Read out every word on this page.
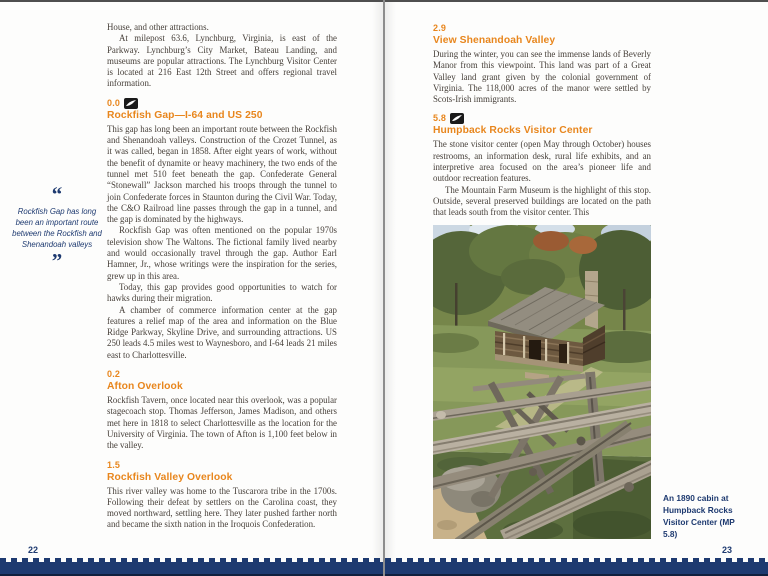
“
Rockfish Gap has long been an important route between the Rockfish and Shenandoah valleys
”

House, and other attractions.

At milepost 63.6, Lynchburg, Virginia, is east of the Parkway. Lynchburg’s City Market, Bateau Landing, and museums are popular attractions. The Lynchburg Visitor Center is located at 216 East 12th Street and offers regional travel information.

0.0
Rockfish Gap—I-64 and US 250

This gap has long been an important route between the Rockfish and Shenandoah valleys. Construction of the Crozet Tunnel, as it was called, began in 1858. After eight years of work, without the benefit of dynamite or heavy machinery, the two ends of the tunnel met 510 feet beneath the gap. Confederate General “Stonewall” Jackson marched his troops through the tunnel to join Confederate forces in Staunton during the Civil War. Today, the C&O Railroad line passes through the gap in a tunnel, and the gap is dominated by the highways.

Rockfish Gap was often mentioned on the popular 1970s television show The Waltons. The fictional family lived nearby and would occasionally travel through the gap. Author Earl Hamner, Jr., whose writings were the inspiration for the series, grew up in this area.

Today, this gap provides good opportunities to watch for hawks during their migration.

A chamber of commerce information center at the gap features a relief map of the area and information on the Blue Ridge Parkway, Skyline Drive, and surrounding attractions. US 250 leads 4.5 miles west to Waynesboro, and I-64 leads 21 miles east to Charlottesville.

0.2
Afton Overlook

Rockfish Tavern, once located near this overlook, was a popular stagecoach stop. Thomas Jefferson, James Madison, and others met here in 1818 to select Charlottesville as the location for the University of Virginia. The town of Afton is 1,100 feet below in the valley.

1.5
Rockfish Valley Overlook

This river valley was home to the Tuscarora tribe in the 1700s. Following their defeat by settlers on the Carolina coast, they moved northward, settling here. They later pushed farther north and became the sixth nation in the Iroquois Confederation.

22
2.9
View Shenandoah Valley

During the winter, you can see the immense lands of Beverly Manor from this viewpoint. This land was part of a Great Valley land grant given by the colonial government of Virginia. The 118,000 acres of the manor were settled by Scots-Irish immigrants.

5.8
Humpback Rocks Visitor Center

The stone visitor center (open May through October) houses restrooms, an information desk, rural life exhibits, and an interpretive area focused on the area’s pioneer life and outdoor recreation features.

The Mountain Farm Museum is the highlight of this stop. Outside, several preserved buildings are located on the path that leads south from the visitor center. This

An 1890 cabin at Humpback Rocks Visitor Center (MP 5.8)
23
